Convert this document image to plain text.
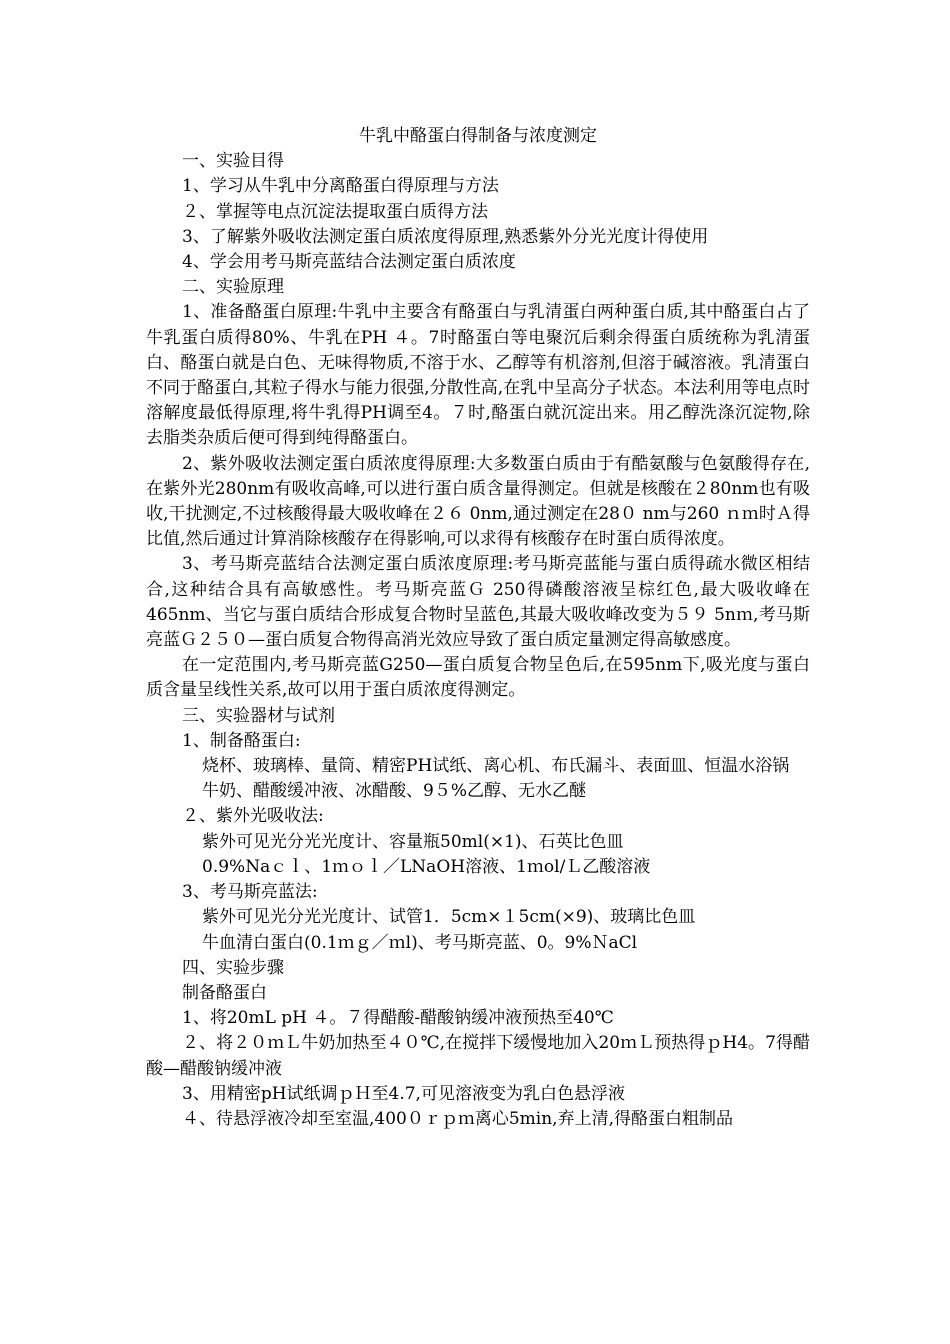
牛乳中酪蛋白得制备与浓度测定
一、实验目得
1、学习从牛乳中分离酪蛋白得原理与方法
２、掌握等电点沉淀法提取蛋白质得方法
3、了解紫外吸收法测定蛋白质浓度得原理,熟悉紫外分光光度计得使用
4、学会用考马斯亮蓝结合法测定蛋白质浓度
二、实验原理

1、准备酪蛋白原理:牛乳中主要含有酪蛋白与乳清蛋白两种蛋白质,其中酪蛋白占了牛乳蛋白质得80%、牛乳在PH ４。7时酪蛋白等电聚沉后剩余得蛋白质统称为乳清蛋白、酪蛋白就是白色、无味得物质,不溶于水、乙醇等有机溶剂,但溶于碱溶液。乳清蛋白不同于酪蛋白,其粒子得水与能力很强,分散性高,在乳中呈高分子状态。本法利用等电点时溶解度最低得原理,将牛乳得PH调至4。７时,酪蛋白就沉淀出来。用乙醇洗涤沉淀物,除去脂类杂质后便可得到纯得酪蛋白。

2、紫外吸收法测定蛋白质浓度得原理:大多数蛋白质由于有酷氨酸与色氨酸得存在,在紫外光280nm有吸收高峰,可以进行蛋白质含量得测定。但就是核酸在２80nm也有吸收,干扰测定,不过核酸得最大吸收峰在２６ 0nm,通过测定在28０ nm与260 ｎｍ时Ａ得比值,然后通过计算消除核酸存在得影响,可以求得有核酸存在时蛋白质得浓度。

3、考马斯亮蓝结合法测定蛋白质浓度原理:考马斯亮蓝能与蛋白质得疏水微区相结合,这种结合具有高敏感性。考马斯亮蓝Ｇ 250得磷酸溶液呈棕红色,最大吸收峰在465nm、当它与蛋白质结合形成复合物时呈蓝色,其最大吸收峰改变为５９ 5nｍ,考马斯亮蓝Ｇ２５０—蛋白质复合物得高消光效应导致了蛋白质定量测定得高敏感度。

在一定范围内,考马斯亮蓝G250—蛋白质复合物呈色后,在595nm下,吸光度与蛋白质含量呈线性关系,故可以用于蛋白质浓度得测定。

三、实验器材与试剂
1、制备酪蛋白:

烧杯、玻璃棒、量筒、精密PH试纸、离心机、布氏漏斗、表面皿、恒温水浴锅

牛奶、醋酸缓冲液、冰醋酸、9５%乙醇、无水乙醚
２、紫外光吸收法:
紫外可见光分光光度计、容量瓶50ml(×1)、石英比色皿
0.9%Naｃｌ、1ｍｏｌ／LNaOH溶液、1ｍol/Ｌ乙酸溶液
3、考马斯亮蓝法:
紫外可见光分光光度计、试管1．5cm×１5cm(×9)、玻璃比色皿
牛血清白蛋白(0.1ｍｇ／ｍl)、考马斯亮蓝、0。9%ＮaCl
四、实验步骤
制备酪蛋白
1、将20mL pH ４。７得醋酸-醋酸钠缓冲液预热至40℃

２、将２０ｍＬ牛奶加热至４０℃,在搅拌下缓慢地加入20ｍＬ预热得ｐH4。7得醋酸—醋酸钠缓冲液

3、用精密pH试纸调ｐＨ至4.7,可见溶液变为乳白色悬浮液
４、待悬浮液冷却至室温,400０ｒｐｍ离心5min,弃上清,得酪蛋白粗制品
